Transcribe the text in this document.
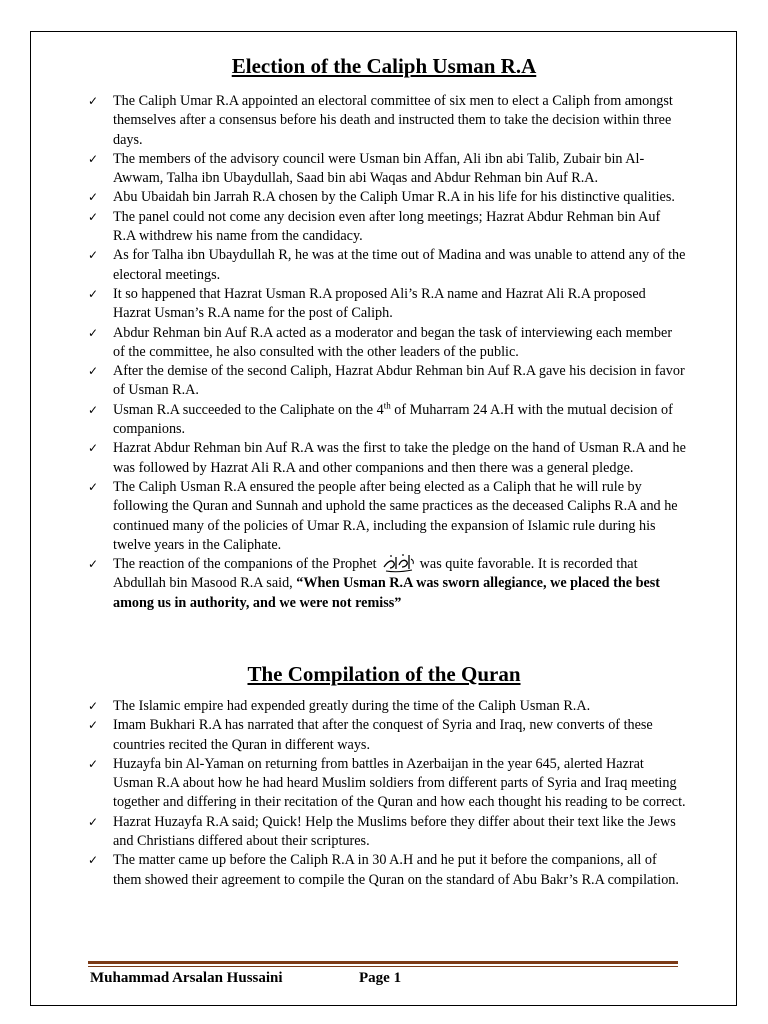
Election of the Caliph Usman R.A
✓ The Caliph Umar R.A appointed an electoral committee of six men to elect a Caliph from amongst themselves after a consensus before his death and instructed them to take the decision within three days.
✓ The members of the advisory council were Usman bin Affan, Ali ibn abi Talib, Zubair bin Al-Awwam, Talha ibn Ubaydullah, Saad bin abi Waqas and Abdur Rehman bin Auf R.A.
✓ Abu Ubaidah bin Jarrah R.A chosen by the Caliph Umar R.A in his life for his distinctive qualities.
✓ The panel could not come any decision even after long meetings; Hazrat Abdur Rehman bin Auf R.A withdrew his name from the candidacy.
✓ As for Talha ibn Ubaydullah R, he was at the time out of Madina and was unable to attend any of the electoral meetings.
✓ It so happened that Hazrat Usman R.A proposed Ali’s R.A name and Hazrat Ali R.A proposed Hazrat Usman’s R.A name for the post of Caliph.
✓ Abdur Rehman bin Auf R.A acted as a moderator and began the task of interviewing each member of the committee, he also consulted with the other leaders of the public.
✓ After the demise of the second Caliph, Hazrat Abdur Rehman bin Auf R.A gave his decision in favor of Usman R.A.
✓ Usman R.A succeeded to the Caliphate on the 4th of Muharram 24 A.H with the mutual decision of companions.
✓ Hazrat Abdur Rehman bin Auf R.A was the first to take the pledge on the hand of Usman R.A and he was followed by Hazrat Ali R.A and other companions and then there was a general pledge.
✓ The Caliph Usman R.A ensured the people after being elected as a Caliph that he will rule by following the Quran and Sunnah and uphold the same practices as the deceased Caliphs R.A and he continued many of the policies of Umar R.A, including the expansion of Islamic rule during his twelve years in the Caliphate.
✓ The reaction of the companions of the Prophet	was quite favorable. It is recorded that Abdullah bin Masood R.A said, “When Usman R.A was sworn allegiance, we placed the best among us in authority, and we were not remiss”
The Compilation of the Quran
✓ The Islamic empire had expended greatly during the time of the Caliph Usman R.A.
✓ Imam Bukhari R.A has narrated that after the conquest of Syria and Iraq, new converts of these countries recited the Quran in different ways.
✓ Huzayfa bin Al-Yaman on returning from battles in Azerbaijan in the year 645, alerted Hazrat Usman R.A about how he had heard Muslim soldiers from different parts of Syria and Iraq meeting together and differing in their recitation of the Quran and how each thought his reading to be correct.
✓ Hazrat Huzayfa R.A said; Quick! Help the Muslims before they differ about their text like the Jews and Christians differed about their scriptures.
✓ The matter came up before the Caliph R.A in 30 A.H and he put it before the companions, all of them showed their agreement to compile the Quran on the standard of Abu Bakr’s R.A compilation.
Muhammad Arsalan Hussaini	Page 1
